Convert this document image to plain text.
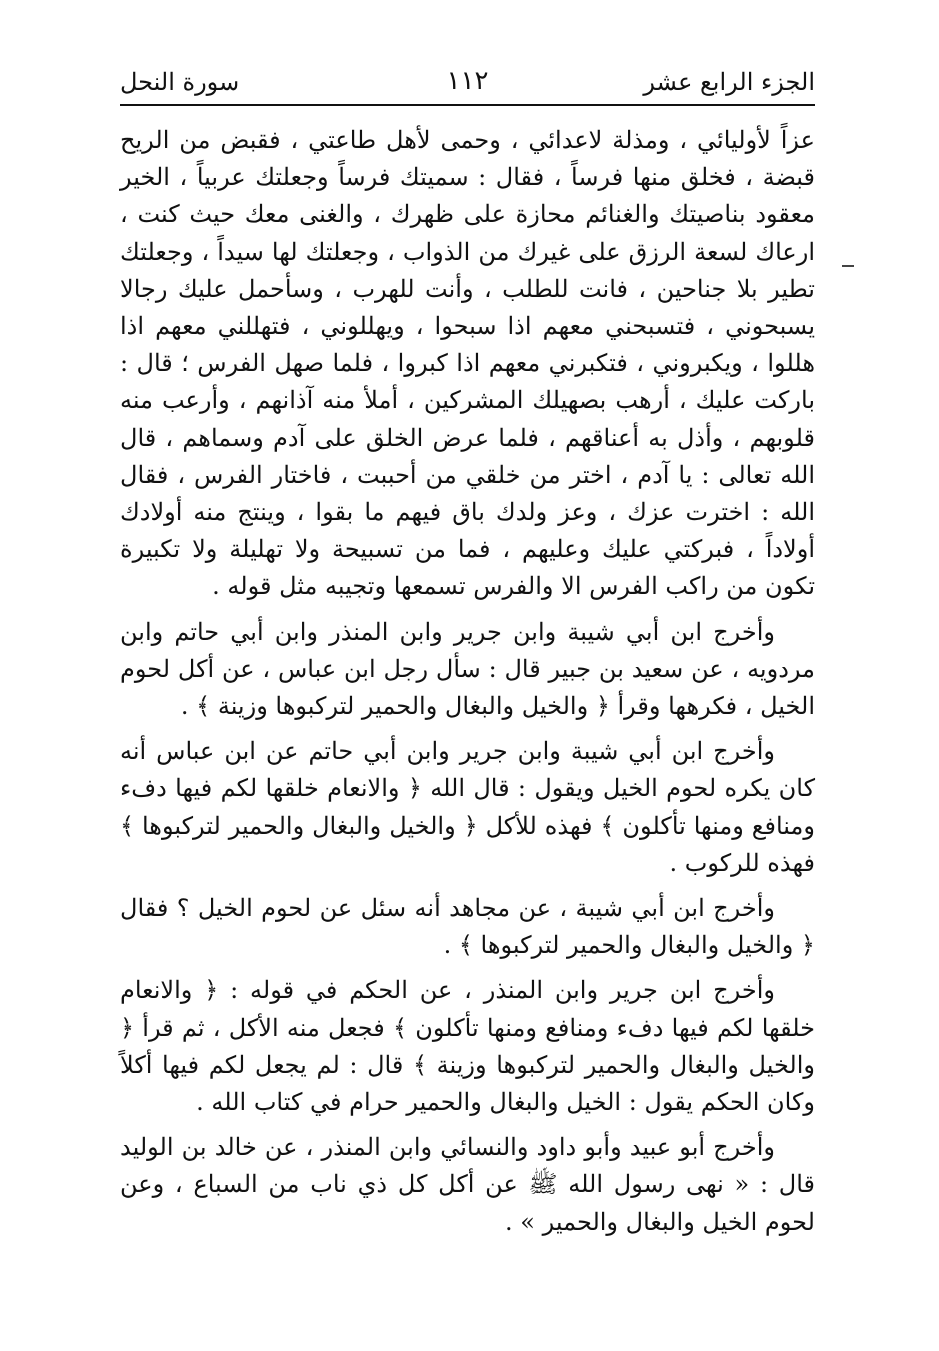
الجزء الرابع عشر
١١٢
سورة النحل

عزاً لأوليائي ، ومذلة لاعدائي ، وحمى لأهل طاعتي ، فقبض من الريح قبضة ، فخلق منها فرساً ، فقال : سميتك فرساً وجعلتك عربياً ، الخير معقود بناصيتك والغنائم محازة على ظهرك ، والغنى معك حيث كنت ، ارعاك لسعة الرزق على غيرك من الذواب ، وجعلتك لها سيداً ، وجعلتك تطير بلا جناحين ، فانت للطلب ، وأنت للهرب ، وسأحمل عليك رجالا يسبحوني ، فتسبحني معهم اذا سبحوا ، ويهللوني ، فتهللني معهم اذا هللوا ، ويكبروني ، فتكبرني معهم اذا كبروا ، فلما صهل الفرس ؛ قال : باركت عليك ، أرهب بصهيلك المشركين ، أملأ منه آذانهم ، وأرعب منه قلوبهم ، وأذل به أعناقهم ، فلما عرض الخلق على آدم وسماهم ، قال الله تعالى : يا آدم ، اختر من خلقي من أحببت ، فاختار الفرس ، فقال الله : اخترت عزك ، وعز ولدك باق فيهم ما بقوا ، وينتج منه أولادك أولاداً ، فبركتي عليك وعليهم ، فما من تسبيحة ولا تهليلة ولا تكبيرة تكون من راكب الفرس الا والفرس تسمعها وتجيبه مثل قوله .

وأخرج ابن أبي شيبة وابن جرير وابن المنذر وابن أبي حاتم وابن مردويه ، عن سعيد بن جبير قال : سأل رجل ابن عباس ، عن أكل لحوم الخيل ، فكرهها وقرأ ﴿ والخيل والبغال والحمير لتركبوها وزينة ﴾ .

وأخرج ابن أبي شيبة وابن جرير وابن أبي حاتم عن ابن عباس أنه كان يكره لحوم الخيل ويقول : قال الله ﴿ والانعام خلقها لكم فيها دفء ومنافع ومنها تأكلون ﴾ فهذه للأكل ﴿ والخيل والبغال والحمير لتركبوها ﴾ فهذه للركوب .

وأخرج ابن أبي شيبة ، عن مجاهد أنه سئل عن لحوم الخيل ؟ فقال ﴿ والخيل والبغال والحمير لتركبوها ﴾ .

وأخرج ابن جرير وابن المنذر ، عن الحكم في قوله : ﴿ والانعام خلقها لكم فيها دفء ومنافع ومنها تأكلون ﴾ فجعل منه الأكل ، ثم قرأ ﴿ والخيل والبغال والحمير لتركبوها وزينة ﴾ قال : لم يجعل لكم فيها أكلاً وكان الحكم يقول : الخيل والبغال والحمير حرام في كتاب الله .

وأخرج أبو عبيد وأبو داود والنسائي وابن المنذر ، عن خالد بن الوليد قال : « نهى رسول الله ﷺ عن أكل كل ذي ناب من السباع ، وعن لحوم الخيل والبغال والحمير » .
